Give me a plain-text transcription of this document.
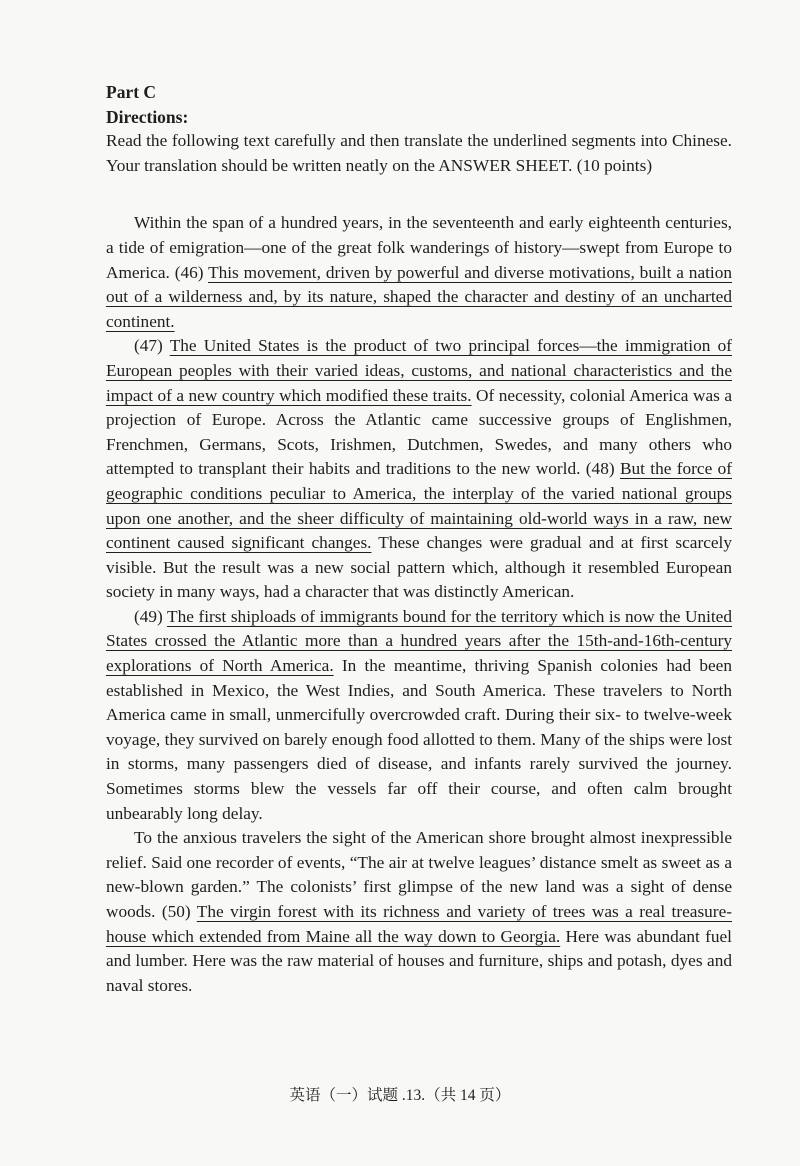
Part C
Directions:
Read the following text carefully and then translate the underlined segments into Chinese. Your translation should be written neatly on the ANSWER SHEET. (10 points)

Within the span of a hundred years, in the seventeenth and early eighteenth centuries, a tide of emigration—one of the great folk wanderings of history—swept from Europe to America. (46) This movement, driven by powerful and diverse motivations, built a nation out of a wilderness and, by its nature, shaped the character and destiny of an uncharted continent.

(47) The United States is the product of two principal forces—the immigration of European peoples with their varied ideas, customs, and national characteristics and the impact of a new country which modified these traits. Of necessity, colonial America was a projection of Europe. Across the Atlantic came successive groups of Englishmen, Frenchmen, Germans, Scots, Irishmen, Dutchmen, Swedes, and many others who attempted to transplant their habits and traditions to the new world. (48) But the force of geographic conditions peculiar to America, the interplay of the varied national groups upon one another, and the sheer difficulty of maintaining old-world ways in a raw, new continent caused significant changes. These changes were gradual and at first scarcely visible. But the result was a new social pattern which, although it resembled European society in many ways, had a character that was distinctly American.

(49) The first shiploads of immigrants bound for the territory which is now the United States crossed the Atlantic more than a hundred years after the 15th-and-16th-century explorations of North America. In the meantime, thriving Spanish colonies had been established in Mexico, the West Indies, and South America. These travelers to North America came in small, unmercifully overcrowded craft. During their six- to twelve-week voyage, they survived on barely enough food allotted to them. Many of the ships were lost in storms, many passengers died of disease, and infants rarely survived the journey. Sometimes storms blew the vessels far off their course, and often calm brought unbearably long delay.

To the anxious travelers the sight of the American shore brought almost inexpressible relief. Said one recorder of events, “The air at twelve leagues’ distance smelt as sweet as a new-blown garden.” The colonists’ first glimpse of the new land was a sight of dense woods. (50) The virgin forest with its richness and variety of trees was a real treasure-house which extended from Maine all the way down to Georgia. Here was abundant fuel and lumber. Here was the raw material of houses and furniture, ships and potash, dyes and naval stores.

英语（一）试题 .13.（共 14 页）
